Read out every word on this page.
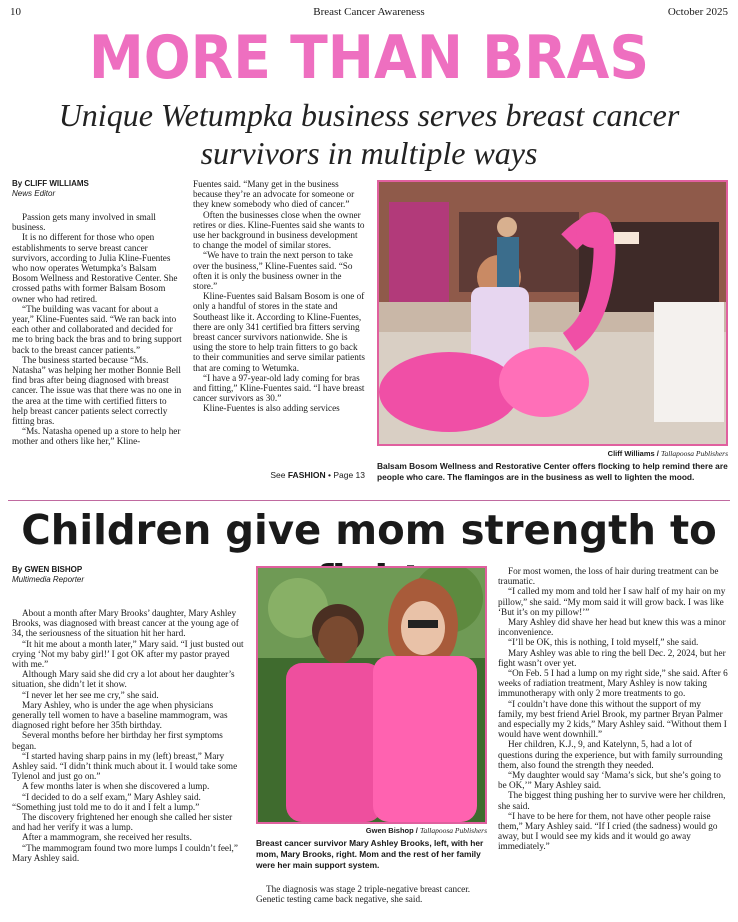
10	Breast Cancer Awareness	October 2025
MORE THAN BRAS
Unique Wetumpka business serves breast cancer survivors in multiple ways
By CLIFF WILLIAMS
News Editor

Passion gets many involved in small business.

It is no different for those who open establishments to serve breast cancer survivors, according to Julia Kline-Fuentes who now operates Wetumpka’s Balsam Bosom Wellness and Restorative Center. She crossed paths with former Balsam Bosom owner who had retired.

“The building was vacant for about a year,” Kline-Fuentes said. “We ran back into each other and collaborated and decided for me to bring back the bras and to bring support back to the breast cancer patients.”

The business started because “Ms. Natasha” was helping her mother Bonnie Bell find bras after being diagnosed with breast cancer. The issue was that there was no one in the area at the time with certified fitters to help breast cancer patients select correctly fitting bras.

“Ms. Natasha opened up a store to help her mother and others like her,” Kline-

Fuentes said. “Many get in the business because they’re an advocate for someone or they knew somebody who died of cancer.”

Often the businesses close when the owner retires or dies. Kline-Fuentes said she wants to use her background in business development to change the model of similar stores.

“We have to train the next person to take over the business,” Kline-Fuentes said. “So often it is only the business owner in the store.”

Kline-Fuentes said Balsam Bosom is one of only a handful of stores in the state and Southeast like it. According to Kline-Fuentes, there are only 341 certified bra fitters serving breast cancer survivors nationwide. She is using the store to help train fitters to go back to their communities and serve similar patients that are coming to Wetumka.

“I have a 97-year-old lady coming for bras and fitting,” Kline-Fuentes said. “I have breast cancer survivors as 30.”

Kline-Fuentes is also adding services

See FASHION • Page 13
Cliff Williams / Tallapoosa Publishers
Balsam Bosom Wellness and Restorative Center offers flocking to help remind there are people who care. The flamingos are in the business as well to lighten the mood.
Children give mom strength to
By GWEN BISHOP
Multimedia Reporter

About a month after Mary Brooks’ daughter, Mary Ashley Brooks, was diagnosed with breast cancer at the young age of 34, the seriousness of the situation hit her hard.

“It hit me about a month later,” Mary said. “I just busted out crying ‘Not my baby girl!’ I got OK after my pastor prayed with me.”

Although Mary said she did cry a lot about her daughter’s situation, she didn’t let it show.

“I never let her see me cry,” she said.

Mary Ashley, who is under the age when physicians generally tell women to have a baseline mammogram, was diagnosed right before her 35th birthday.

Several months before her birthday her first symptoms began.

“I started having sharp pains in my (left) breast,” Mary Ashley said. “I didn’t think much about it. I would take some Tylenol and just go on.”

A few months later is when she discovered a lump.

“I decided to do a self exam,” Mary Ashley said. “Something just told me to do it and I felt a lump.”

The discovery frightened her enough she called her sister and had her verify it was a lump.

After a mammogram, she received her results.

“The mammogram found two more lumps I couldn’t feel,” Mary Ashley said.

Gwen Bishop / Tallapoosa Publishers
Breast cancer survivor Mary Ashley Brooks, left, with her mom, Mary Brooks, right. Mom and the rest of her family were her main support system.

The diagnosis was stage 2 triple-negative breast cancer. Genetic testing came back negative, she said.

For most women, the loss of hair during treatment can be traumatic.

“I called my mom and told her I saw half of my hair on my pillow,” she said. “My mom said it will grow back. I was like ‘But it’s on my pillow!’”

Mary Ashley did shave her head but knew this was a minor inconvenience.

“I’ll be OK, this is nothing, I told myself,” she said.

Mary Ashley was able to ring the bell Dec. 2, 2024, but her fight wasn’t over yet.

“On Feb. 5 I had a lump on my right side,” she said. After 6 weeks of radiation treatment, Mary Ashley is now taking immunotherapy with only 2 more treatments to go.

“I couldn’t have done this without the support of my family, my best friend Ariel Brook, my partner Bryan Palmer and especially my 2 kids,” Mary Ashley said. “Without them I would have went downhill.”

Her children, K.J., 9, and Katelynn, 5, had a lot of questions during the experience, but with family surrounding them, also found the strength they needed.

“My daughter would say ‘Mama’s sick, but she’s going to be OK,’” Mary Ashley said.

The biggest thing pushing her to survive were her children, she said.

“I have to be here for them, not have other people raise them,” Mary Ashley said. “If I cried (the sadness) would go away, but I would see my kids and it would go away immediately.”
